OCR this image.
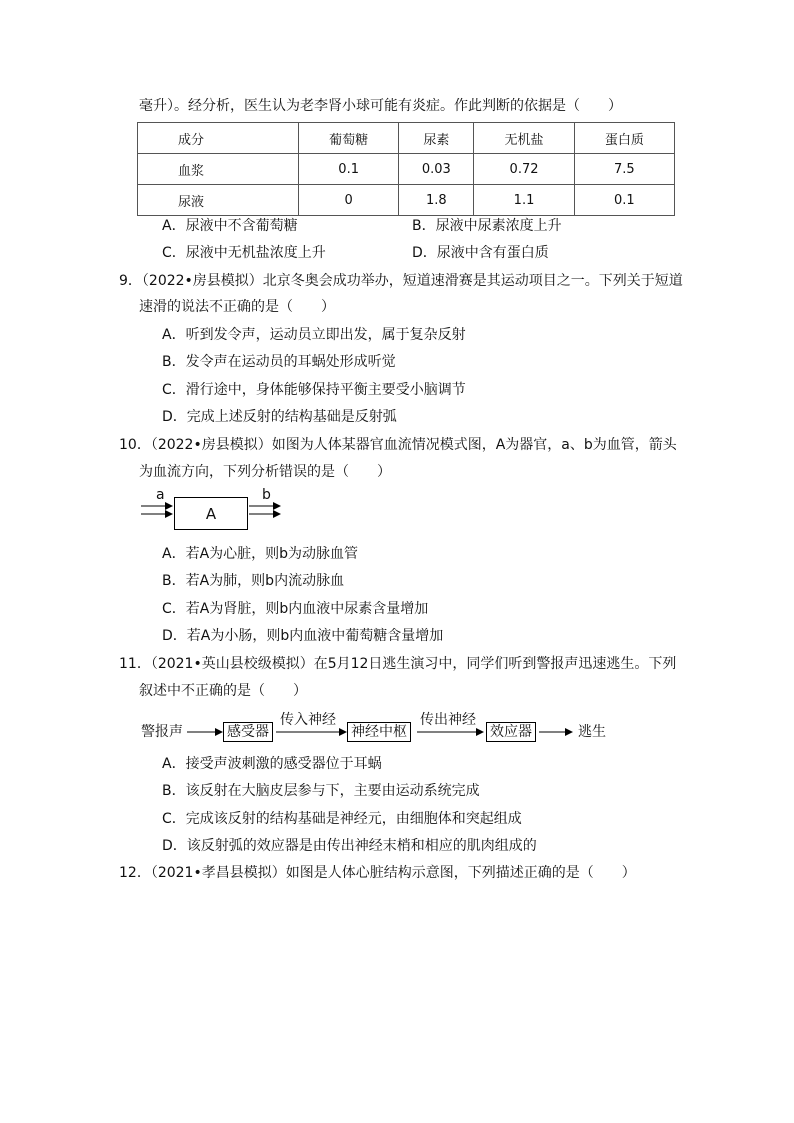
毫升）。经分析，医生认为老李肾小球可能有炎症。作此判断的依据是（　　）
成分	葡萄糖	尿素	无机盐	蛋白质
血浆	0.1	0.03	0.72	7.5
尿液	0	1.8	1.1	0.1
A．尿液中不含葡萄糖	B．尿液中尿素浓度上升
C．尿液中无机盐浓度上升	D．尿液中含有蛋白质
9．（2022•房县模拟）北京冬奥会成功举办，短道速滑赛是其运动项目之一。下列关于短道
速滑的说法不正确的是（　　）
A．听到发令声，运动员立即出发，属于复杂反射
B．发令声在运动员的耳蜗处形成听觉
C．滑行途中，身体能够保持平衡主要受小脑调节
D．完成上述反射的结构基础是反射弧
10．（2022•房县模拟）如图为人体某器官血流情况模式图，A为器官，a、b为血管，箭头
为血流方向，下列分析错误的是（　　）
a	b
A
A．若A为心脏，则b为动脉血管
B．若A为肺，则b内流动脉血
C．若A为肾脏，则b内血液中尿素含量增加
D．若A为小肠，则b内血液中葡萄糖含量增加
11．（2021•英山县校级模拟）在5月12日逃生演习中，同学们听到警报声迅速逃生。下列
叙述中不正确的是（　　）
警报声	感受器
传入神经
神经中枢
传出神经
效应器	逃生
A．接受声波刺激的感受器位于耳蜗
B．该反射在大脑皮层参与下，主要由运动系统完成
C．完成该反射的结构基础是神经元，由细胞体和突起组成
D．该反射弧的效应器是由传出神经末梢和相应的肌肉组成的
12．（2021•孝昌县模拟）如图是人体心脏结构示意图，下列描述正确的是（　　）
